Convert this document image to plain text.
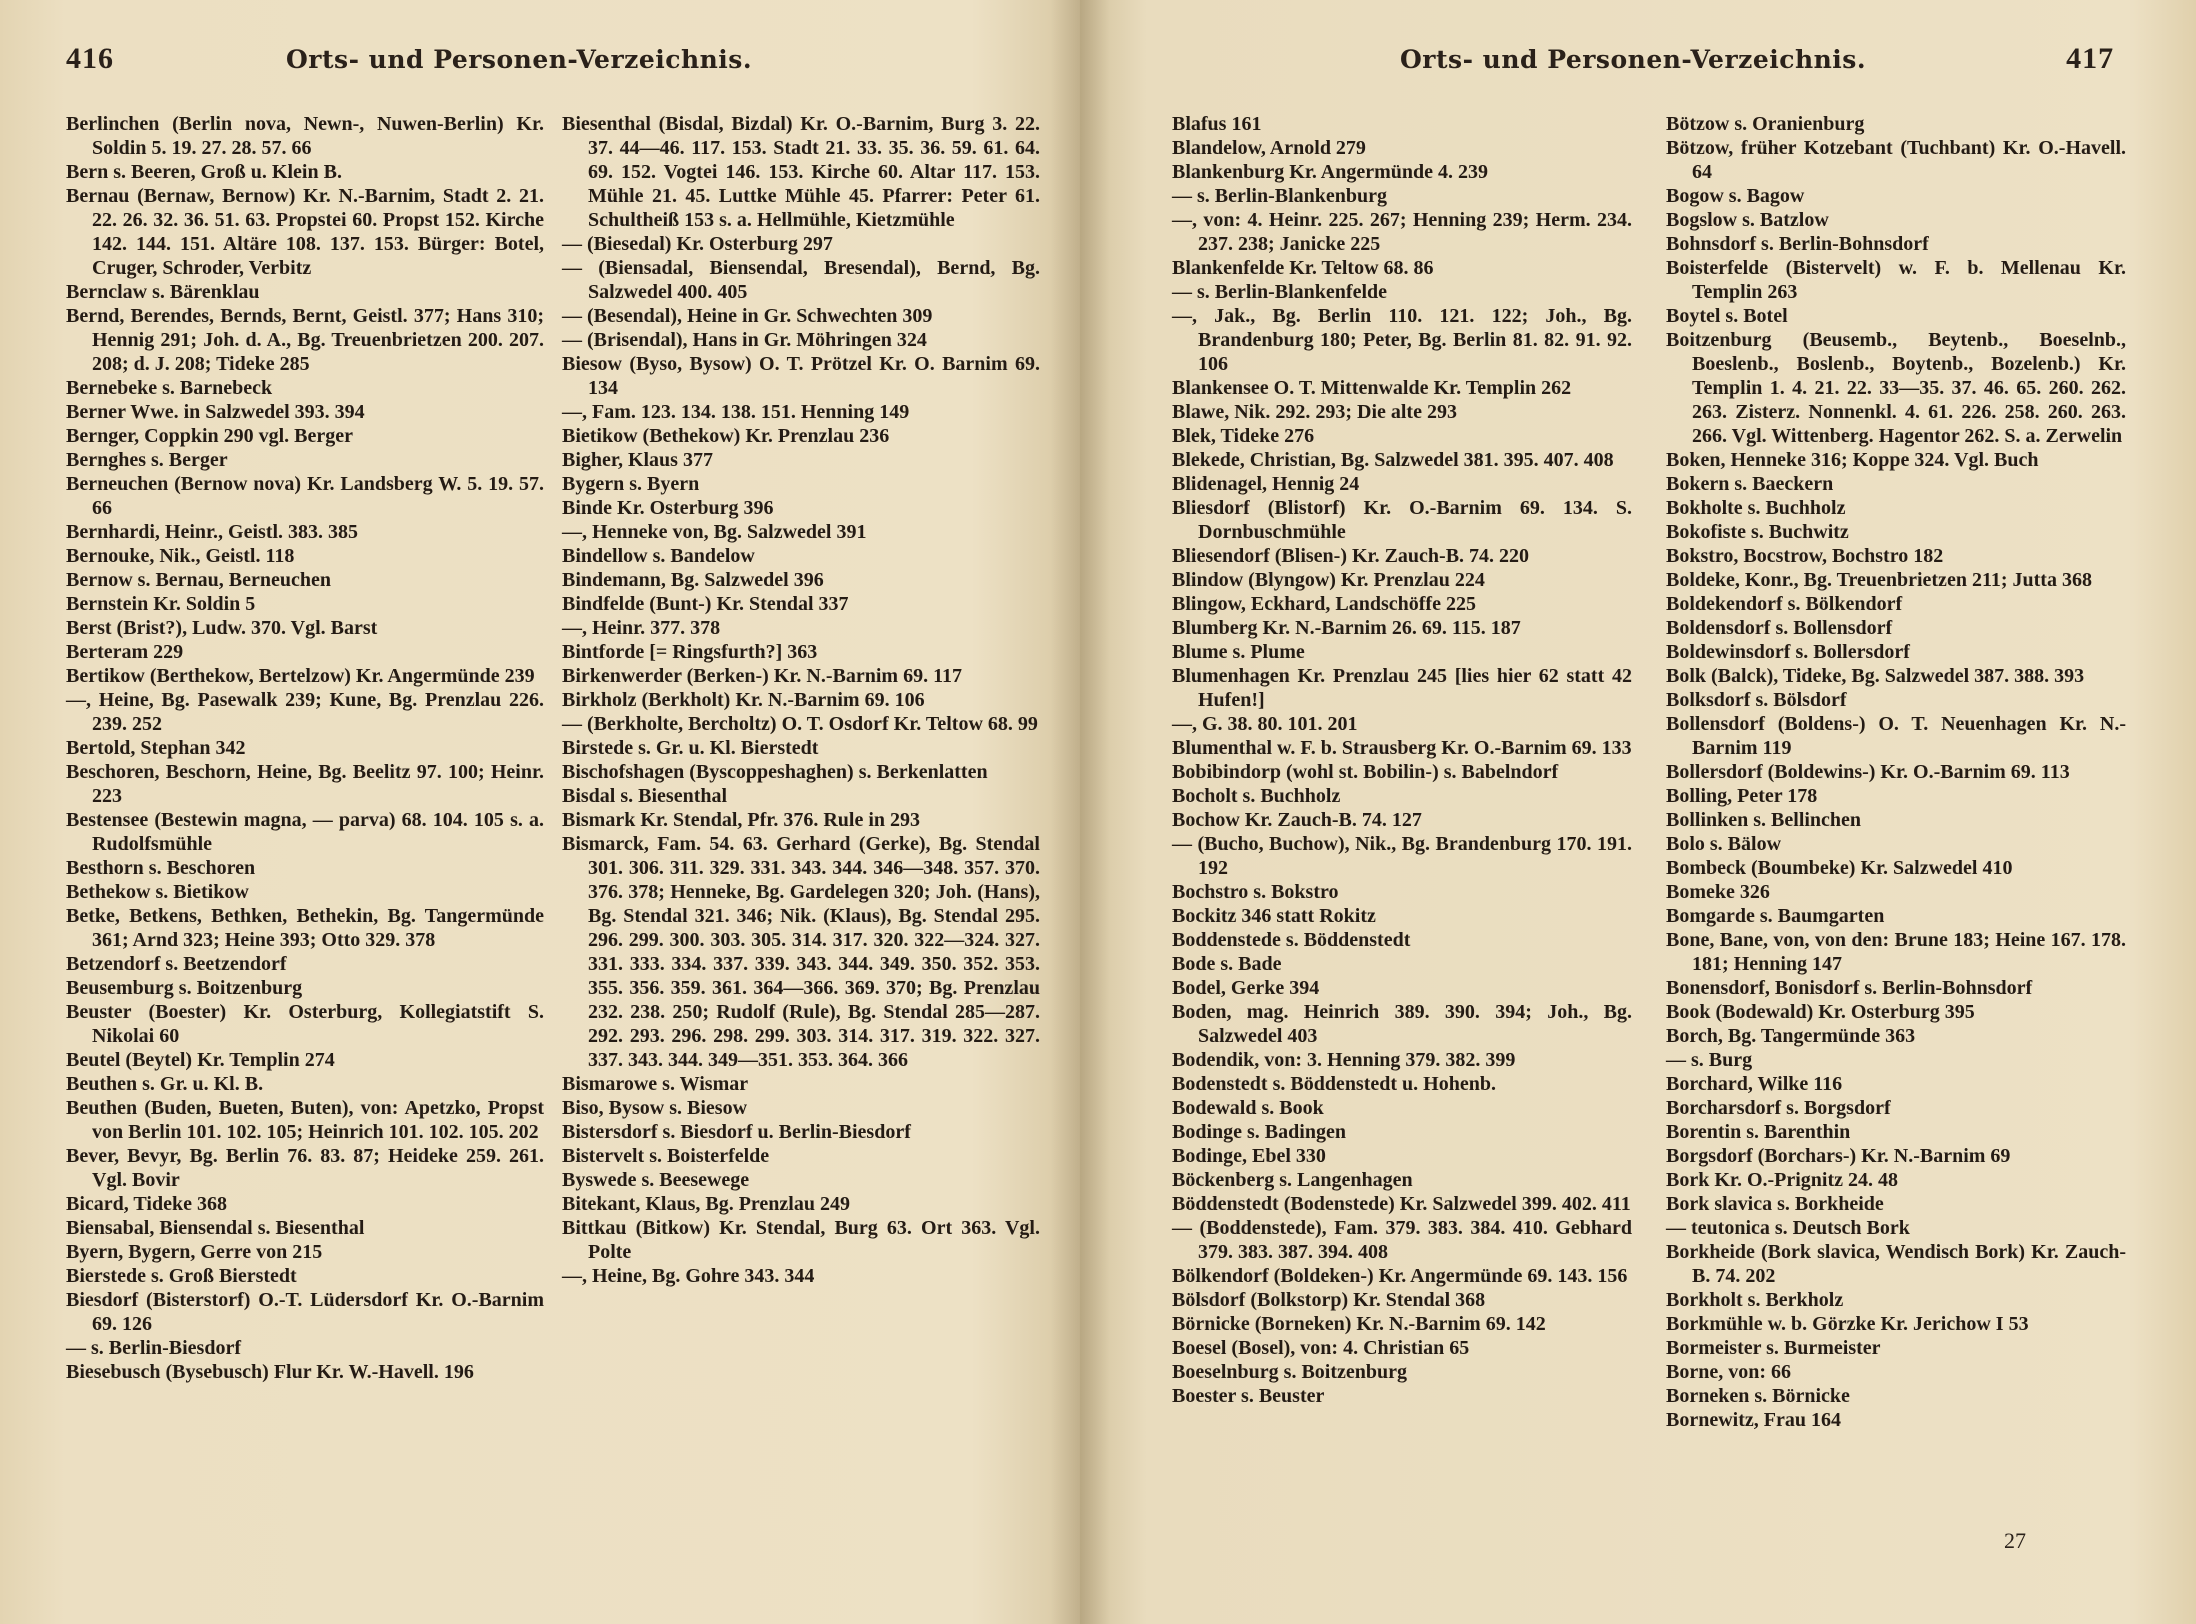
416	Orts- und Personen-Verzeichnis.

Berlinchen (Berlin nova, Newn-, Nuwen-Berlin) Kr. Soldin 5. 19. 27. 28. 57. 66

Bern s. Beeren, Groß u. Klein B.

Bernau (Bernaw, Bernow) Kr. N.-Barnim, Stadt 2. 21. 22. 26. 32. 36. 51. 63. Propstei 60. Propst 152. Kirche 142. 144. 151. Altäre 108. 137. 153. Bürger: Botel, Cruger, Schroder, Verbitz

Bernclaw s. Bärenklau

Bernd, Berendes, Bernds, Bernt, Geistl. 377; Hans 310; Hennig 291; Joh. d. A., Bg. Treuenbrietzen 200. 207. 208; d. J. 208; Tideke 285

Bernebeke s. Barnebeck

Berner Wwe. in Salzwedel 393. 394

Bernger, Coppkin 290 vgl. Berger

Bernghes s. Berger

Berneuchen (Bernow nova) Kr. Landsberg W. 5. 19. 57. 66

Bernhardi, Heinr., Geistl. 383. 385

Bernouke, Nik., Geistl. 118

Bernow s. Bernau, Berneuchen

Bernstein Kr. Soldin 5

Berst (Brist?), Ludw. 370. Vgl. Barst

Berteram 229

Bertikow (Berthekow, Bertelzow) Kr. Angermünde 239

—, Heine, Bg. Pasewalk 239; Kune, Bg. Prenzlau 226. 239. 252

Bertold, Stephan 342

Beschoren, Beschorn, Heine, Bg. Beelitz 97. 100; Heinr. 223

Bestensee (Bestewin magna, — parva) 68. 104. 105 s. a. Rudolfsmühle

Besthorn s. Beschoren

Bethekow s. Bietikow

Betke, Betkens, Bethken, Bethekin, Bg. Tangermünde 361; Arnd 323; Heine 393; Otto 329. 378

Betzendorf s. Beetzendorf

Beusemburg s. Boitzenburg

Beuster (Boester) Kr. Osterburg, Kollegiatstift S. Nikolai 60

Beutel (Beytel) Kr. Templin 274

Beuthen s. Gr. u. Kl. B.

Beuthen (Buden, Bueten, Buten), von: Apetzko, Propst von Berlin 101. 102. 105; Heinrich 101. 102. 105. 202

Bever, Bevyr, Bg. Berlin 76. 83. 87; Heideke 259. 261. Vgl. Bovir

Bicard, Tideke 368

Biensabal, Biensendal s. Biesenthal

Byern, Bygern, Gerre von 215

Bierstede s. Groß Bierstedt

Biesdorf (Bisterstorf) O.-T. Lüdersdorf Kr. O.-Barnim 69. 126

— s. Berlin-Biesdorf

Biesebusch (Bysebusch) Flur Kr. W.-Havell. 196

Biesenthal (Bisdal, Bizdal) Kr. O.-Barnim, Burg 3. 22. 37. 44—46. 117. 153. Stadt 21. 33. 35. 36. 59. 61. 64. 69. 152. Vogtei 146. 153. Kirche 60. Altar 117. 153. Mühle 21. 45. Luttke Mühle 45. Pfarrer: Peter 61. Schultheiß 153 s. a. Hellmühle, Kietzmühle

— (Biesedal) Kr. Osterburg 297

— (Biensadal, Biensendal, Bresendal), Bernd, Bg. Salzwedel 400. 405

— (Besendal), Heine in Gr. Schwechten 309

— (Brisendal), Hans in Gr. Möhringen 324

Biesow (Byso, Bysow) O. T. Prötzel Kr. O. Barnim 69. 134

—, Fam. 123. 134. 138. 151. Henning 149

Bietikow (Bethekow) Kr. Prenzlau 236

Bigher, Klaus 377

Bygern s. Byern

Binde Kr. Osterburg 396

—, Hennеke von, Bg. Salzwedel 391

Bindellow s. Bandelow

Bindemann, Bg. Salzwedel 396

Bindfelde (Bunt-) Kr. Stendal 337

—, Heinr. 377. 378

Bintforde [= Ringsfurth?] 363

Birkenwerder (Berken-) Kr. N.-Barnim 69. 117

Birkholz (Berkholt) Kr. N.-Barnim 69. 106

— (Berkholte, Bercholtz) O. T. Osdorf Kr. Teltow 68. 99

Birstede s. Gr. u. Kl. Bierstedt

Bischofshagen (Byscoppeshaghen) s. Berkenlatten

Bisdal s. Biesenthal

Bismark Kr. Stendal, Pfr. 376. Rule in 293

Bismarck, Fam. 54. 63. Gerhard (Gerke), Bg. Stendal 301. 306. 311. 329. 331. 343. 344. 346—348. 357. 370. 376. 378; Hennеke, Bg. Gardelegen 320; Joh. (Hans), Bg. Stendal 321. 346; Nik. (Klaus), Bg. Stendal 295. 296. 299. 300. 303. 305. 314. 317. 320. 322—324. 327. 331. 333. 334. 337. 339. 343. 344. 349. 350. 352. 353. 355. 356. 359. 361. 364—366. 369. 370; Bg. Prenzlau 232. 238. 250; Rudolf (Rule), Bg. Stendal 285—287. 292. 293. 296. 298. 299. 303. 314. 317. 319. 322. 327. 337. 343. 344. 349—351. 353. 364. 366

Bismarowe s. Wismar

Biso, Bysow s. Biesow

Bistersdorf s. Biesdorf u. Berlin-Biesdorf

Bistervelt s. Boisterfelde

Byswede s. Beesewege

Bitekant, Klaus, Bg. Prenzlau 249

Bittkau (Bitkow) Kr. Stendal, Burg 63. Ort 363. Vgl. Polte

—, Heine, Bg. Gohre 343. 344

Orts- und Personen-Verzeichnis.	417

Blafus 161

Blandelow, Arnold 279

Blankenburg Kr. Angermünde 4. 239

— s. Berlin-Blankenburg

—, von: 4. Heinr. 225. 267; Henning 239; Herm. 234. 237. 238; Janicke 225

Blankenfelde Kr. Teltow 68. 86

— s. Berlin-Blankenfelde

—, Jak., Bg. Berlin 110. 121. 122; Joh., Bg. Brandenburg 180; Peter, Bg. Berlin 81. 82. 91. 92. 106

Blankensee O. T. Mittenwalde Kr. Templin 262

Blawe, Nik. 292. 293; Die alte 293

Blek, Tideke 276

Blekede, Christian, Bg. Salzwedel 381. 395. 407. 408

Blidenagel, Hennig 24

Bliesdorf (Blistorf) Kr. O.-Barnim 69. 134. S. Dornbuschmühle

Bliesendorf (Blisen-) Kr. Zauch-B. 74. 220

Blindow (Blyngow) Kr. Prenzlau 224

Blingow, Eckhard, Landschöffe 225

Blumberg Kr. N.-Barnim 26. 69. 115. 187

Blume s. Plume

Blumenhagen Kr. Prenzlau 245 [lies hier 62 statt 42 Hufen!]

—, G. 38. 80. 101. 201

Blumenthal w. F. b. Strausberg Kr. O.-Barnim 69. 133

Bobibindorp (wohl st. Bobilin-) s. Babelndorf

Bocholt s. Buchholz

Bochow Kr. Zauch-B. 74. 127

— (Bucho, Buchow), Nik., Bg. Brandenburg 170. 191. 192

Bochstro s. Bokstro

Bockitz 346 statt Rokitz

Boddenstede s. Böddenstedt

Bode s. Bade

Bodel, Gerke 394

Boden, mag. Heinrich 389. 390. 394; Joh., Bg. Salzwedel 403

Bodendik, von: 3. Henning 379. 382. 399

Bodenstedt s. Böddenstedt u. Hohenb.

Bodewald s. Book

Bodinge s. Badingen

Bodinge, Ebel 330

Böckenberg s. Langenhagen

Böddenstedt (Bodenstede) Kr. Salzwedel 399. 402. 411

— (Boddenstede), Fam. 379. 383. 384. 410. Gebhard 379. 383. 387. 394. 408

Bölkendorf (Boldeken-) Kr. Angermünde 69. 143. 156

Bölsdorf (Bolkstorp) Kr. Stendal 368

Börnicke (Borneken) Kr. N.-Barnim 69. 142

Boesel (Bosel), von: 4. Christian 65

Boeselnburg s. Boitzenburg

Boester s. Beuster

Bötzow s. Oranienburg

Bötzow, früher Kotzebant (Tuchbant) Kr. O.-Havell. 64

Bogow s. Bagow

Bogslow s. Batzlow

Bohnsdorf s. Berlin-Bohnsdorf

Boisterfelde (Bistervelt) w. F. b. Mellenau Kr. Templin 263

Boytel s. Botel

Boitzenburg (Beusemb., Beytenb., Boeselnb., Boeslenb., Boslenb., Boytenb., Bozelenb.) Kr. Templin 1. 4. 21. 22. 33—35. 37. 46. 65. 260. 262. 263. Zisterz. Nonnenkl. 4. 61. 226. 258. 260. 263. 266. Vgl. Wittenberg. Hagentor 262. S. a. Zerwelin

Boken, Hennеke 316; Koppe 324. Vgl. Buch

Bokern s. Baeckern

Bokholte s. Buchholz

Bokofiste s. Buchwitz

Bokstro, Bocstrow, Bochstro 182

Boldeke, Konr., Bg. Treuenbrietzen 211; Jutta 368

Boldekendorf s. Bölkendorf

Boldensdorf s. Bollensdorf

Boldewinsdorf s. Bollersdorf

Bolk (Balck), Tideke, Bg. Salzwedel 387. 388. 393

Bolksdorf s. Bölsdorf

Bollensdorf (Boldens-) O. T. Neuenhagen Kr. N.-Barnim 119

Bollersdorf (Boldewins-) Kr. O.-Barnim 69. 113

Bolling, Peter 178

Bollinken s. Bellinchen

Bolo s. Bälow

Bombeck (Boumbeke) Kr. Salzwedel 410

Bomeke 326

Bomgarde s. Baumgarten

Bone, Bane, von, von den: Brune 183; Heine 167. 178. 181; Henning 147

Bonensdorf, Bonisdorf s. Berlin-Bohnsdorf

Book (Bodewald) Kr. Osterburg 395

Borch, Bg. Tangermünde 363

— s. Burg

Borchard, Wilke 116

Borcharsdorf s. Borgsdorf

Borentin s. Barenthin

Borgsdorf (Borchars-) Kr. N.-Barnim 69

Bork Kr. O.-Prignitz 24. 48

Bork slavica s. Borkheide

— teutonica s. Deutsch Bork

Borkheide (Bork slavica, Wendisch Bork) Kr. Zauch-B. 74. 202

Borkholt s. Berkholz

Borkmühle w. b. Görzke Kr. Jerichow I 53

Bormeister s. Burmeister

Borne, von: 66

Borneken s. Börnicke

Bornewitz, Frau 164

27
